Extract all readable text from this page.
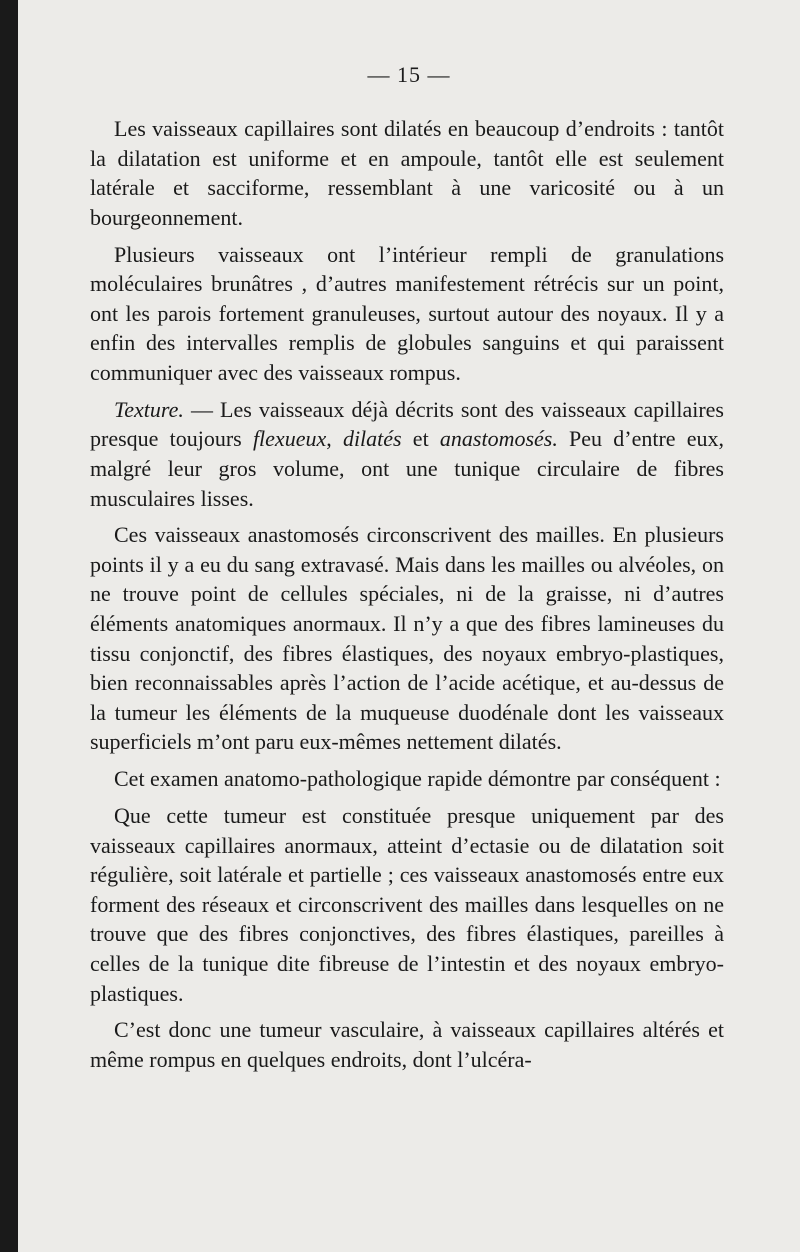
— 15 —

Les vaisseaux capillaires sont dilatés en beaucoup d’endroits : tantôt la dilatation est uniforme et en ampoule, tantôt elle est seulement latérale et sacciforme, ressemblant à une varicosité ou à un bourgeonnement.

Plusieurs vaisseaux ont l’intérieur rempli de granulations moléculaires brunâtres , d’autres manifestement rétrécis sur un point, ont les parois fortement granuleuses, surtout autour des noyaux. Il y a enfin des intervalles remplis de globules sanguins et qui paraissent communiquer avec des vaisseaux rompus.

Texture. — Les vaisseaux déjà décrits sont des vaisseaux capillaires presque toujours flexueux, dilatés et anastomosés. Peu d’entre eux, malgré leur gros volume, ont une tunique circulaire de fibres musculaires lisses.

Ces vaisseaux anastomosés circonscrivent des mailles. En plusieurs points il y a eu du sang extravasé. Mais dans les mailles ou alvéoles, on ne trouve point de cellules spéciales, ni de la graisse, ni d’autres éléments anatomiques anormaux. Il n’y a que des fibres lamineuses du tissu conjonctif, des fibres élastiques, des noyaux embryo-plastiques, bien reconnaissables après l’action de l’acide acétique, et au-dessus de la tumeur les éléments de la muqueuse duodénale dont les vaisseaux superficiels m’ont paru eux-mêmes nettement dilatés.

Cet examen anatomo-pathologique rapide démontre par conséquent :

Que cette tumeur est constituée presque uniquement par des vaisseaux capillaires anormaux, atteint d’ectasie ou de dilatation soit régulière, soit latérale et partielle ; ces vaisseaux anastomosés entre eux forment des réseaux et circonscrivent des mailles dans lesquelles on ne trouve que des fibres conjonctives, des fibres élastiques, pareilles à celles de la tunique dite fibreuse de l’intestin et des noyaux embryo-plastiques.

C’est donc une tumeur vasculaire, à vaisseaux capillaires altérés et même rompus en quelques endroits, dont l’ulcéra-
